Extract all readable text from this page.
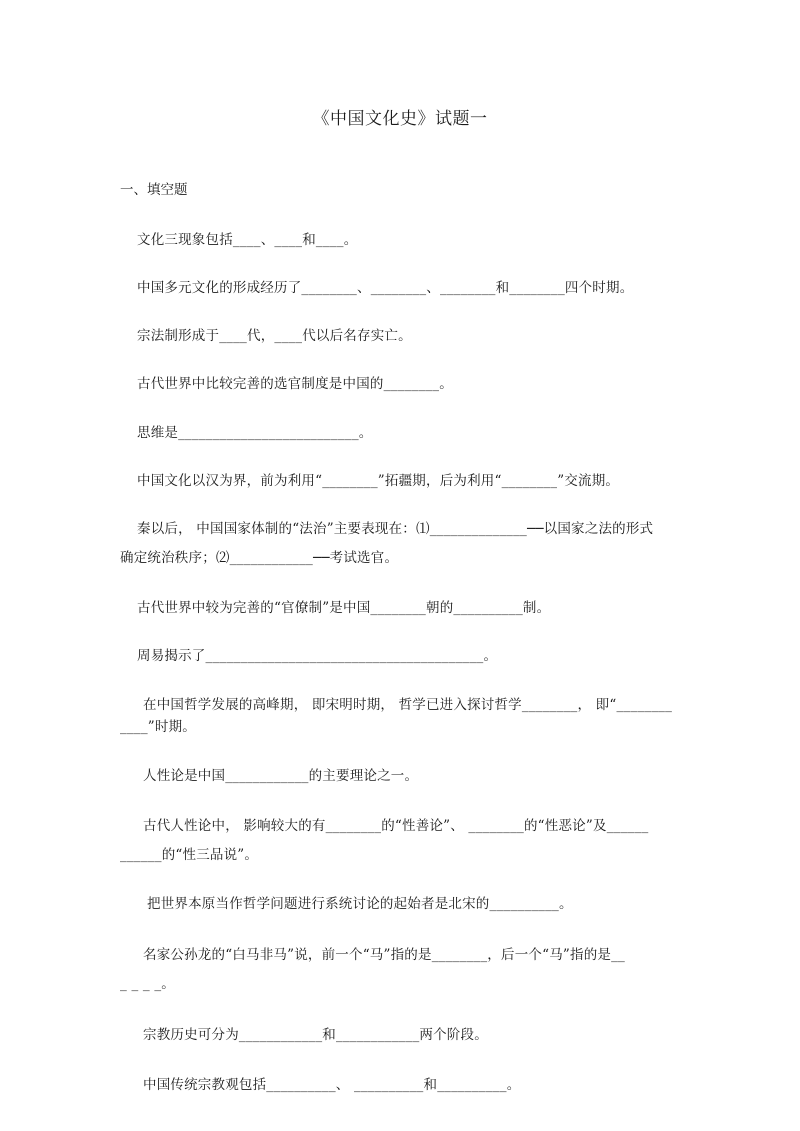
《中国文化史》试题一
一、填空题
文化三现象包括____、____和____。
中国多元文化的形成经历了________、________、________和________四个时期。
宗法制形成于____代，____代以后名存实亡。
古代世界中比较完善的选官制度是中国的________。
思维是__________________________。
中国文化以汉为界，前为利用“________”拓疆期，后为利用“________”交流期。
秦以后， 中国国家体制的“法治”主要表现在：⑴______________──以国家之法的形式
确定统治秩序；⑵____________──考试选官。
古代世界中较为完善的“官僚制”是中国________朝的__________制。
周易揭示了________________________________________。
在中国哲学发展的高峰期， 即宋明时期， 哲学已进入探讨哲学________， 即“________
____”时期。
人性论是中国____________的主要理论之一。
古代人性论中， 影响较大的有________的“性善论”、 ________的“性恶论”及______
______的“性三品说”。
把世界本原当作哲学问题进行系统讨论的起始者是北宋的__________。
名家公孙龙的“白马非马”说，前一个“马”指的是________，后一个“马”指的是__
_ _ _ _。
宗教历史可分为____________和____________两个阶段。
中国传统宗教观包括__________、 __________和__________。
